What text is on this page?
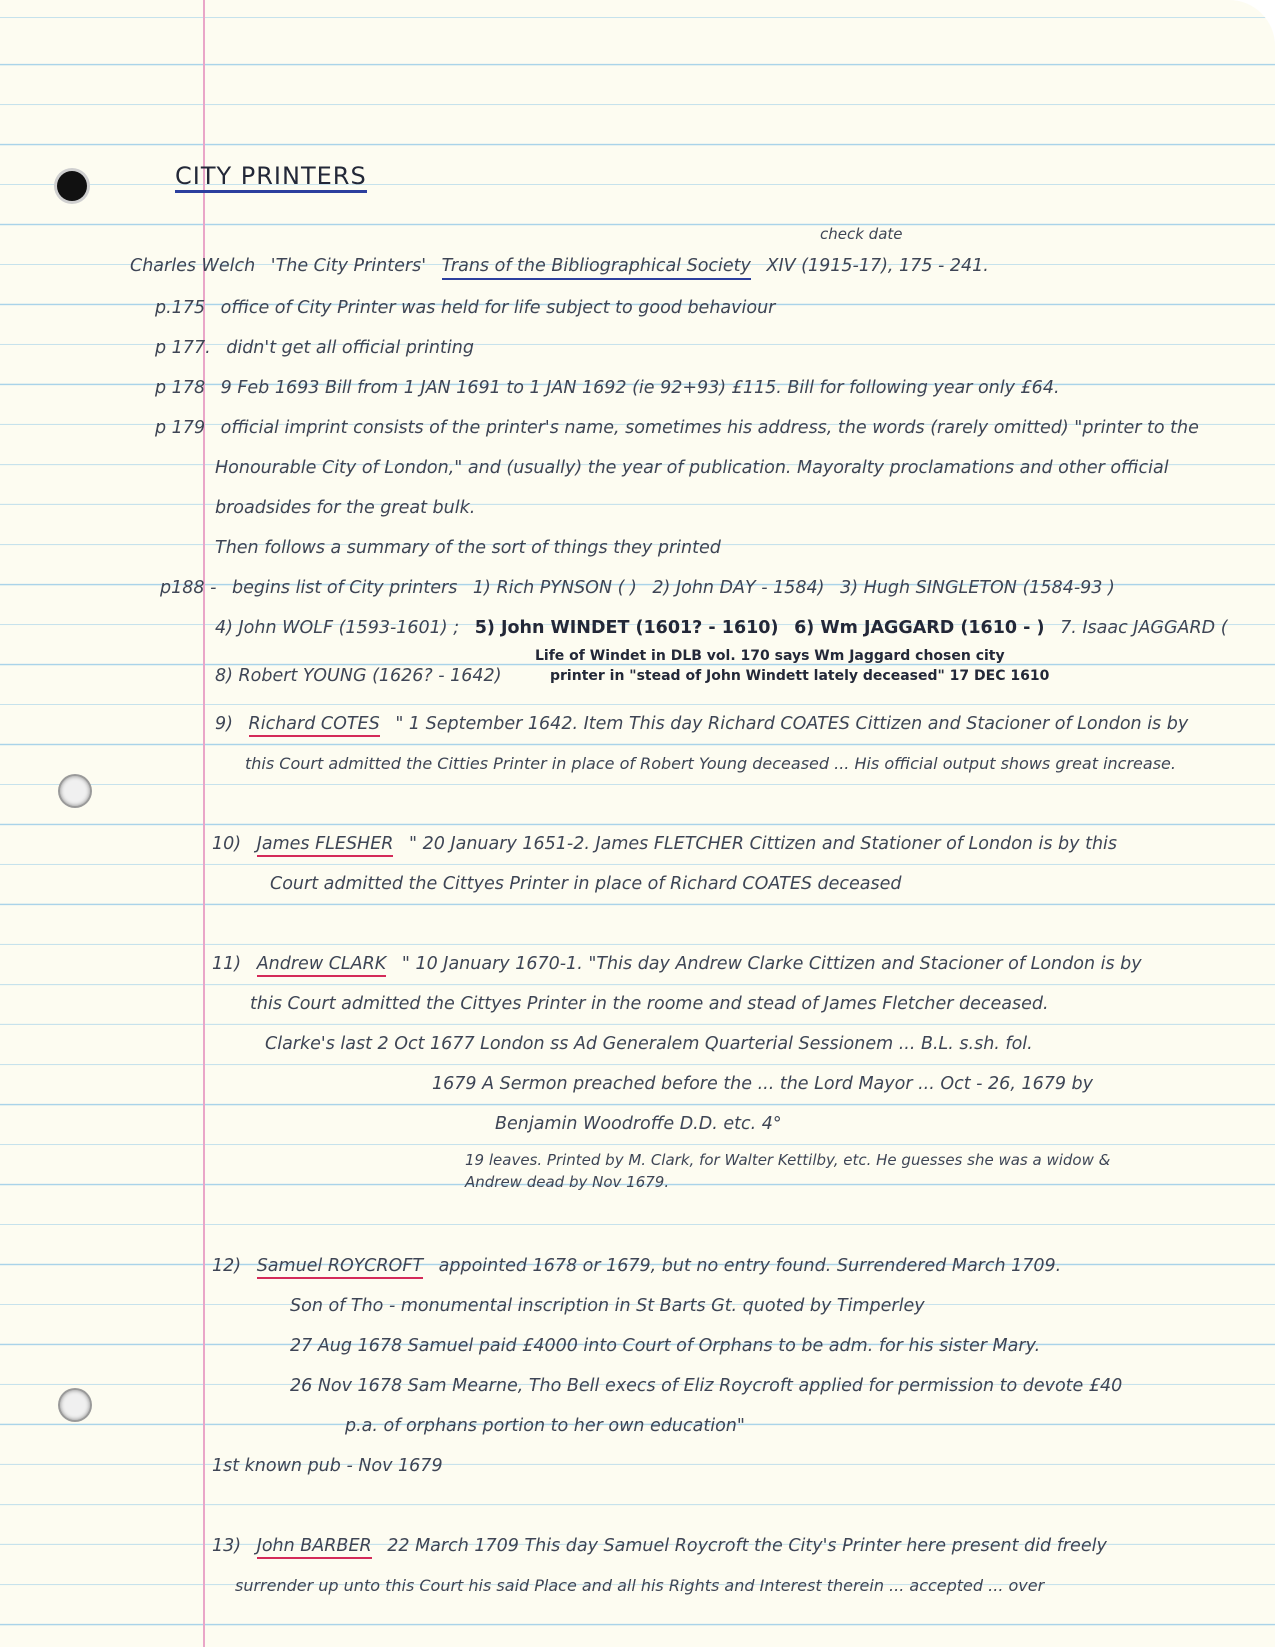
CITY PRINTERS
check date
Charles Welch 'The City Printers' Trans of the Bibliographical Society XIV (1915-17), 175 - 241.
p.175 office of City Printer was held for life subject to good behaviour
p 177. didn't get all official printing
p 178 9 Feb 1693 Bill from 1 JAN 1691 to 1 JAN 1692 (ie 92+93) £115. Bill for following year only £64.
p 179 official imprint consists of the printer's name, sometimes his address, the words (rarely omitted) "printer to the
Honourable City of London," and (usually) the year of publication. Mayoralty proclamations and other official
broadsides for the great bulk.
Then follows a summary of the sort of things they printed
p188 - begins list of City printers 1) Rich PYNSON ( ) 2) John DAY - 1584) 3) Hugh SINGLETON (1584-93 )
4) John WOLF (1593-1601) ; 5) John WINDET (1601? - 1610) 6) Wm JAGGARD (1610 - ) 7. Isaac JAGGARD (
Life of Windet in DLB vol. 170 says Wm Jaggard chosen city
printer in "stead of John Windett lately deceased" 17 DEC 1610
8) Robert YOUNG (1626? - 1642)
9) Richard COTES " 1 September 1642. Item This day Richard COATES Cittizen and Stacioner of London is by
this Court admitted the Citties Printer in place of Robert Young deceased ... His official output shows great increase.
10) James FLESHER " 20 January 1651-2. James FLETCHER Cittizen and Stationer of London is by this
Court admitted the Cittyes Printer in place of Richard COATES deceased
11) Andrew CLARK " 10 January 1670-1. "This day Andrew Clarke Cittizen and Stacioner of London is by
this Court admitted the Cittyes Printer in the roome and stead of James Fletcher deceased.
Clarke's last 2 Oct 1677 London ss Ad Generalem Quarterial Sessionem ... B.L. s.sh. fol.
1679 A Sermon preached before the ... the Lord Mayor ... Oct - 26, 1679 by
Benjamin Woodroffe D.D. etc. 4°
19 leaves. Printed by M. Clark, for Walter Kettilby, etc. He guesses she was a widow &
Andrew dead by Nov 1679.
12) Samuel ROYCROFT appointed 1678 or 1679, but no entry found. Surrendered March 1709.
Son of Tho - monumental inscription in St Barts Gt. quoted by Timperley
27 Aug 1678 Samuel paid £4000 into Court of Orphans to be adm. for his sister Mary.
26 Nov 1678 Sam Mearne, Tho Bell execs of Eliz Roycroft applied for permission to devote £40
p.a. of orphans portion to her own education"
1st known pub - Nov 1679
13) John BARBER 22 March 1709 This day Samuel Roycroft the City's Printer here present did freely
surrender up unto this Court his said Place and all his Rights and Interest therein ... accepted ... over
